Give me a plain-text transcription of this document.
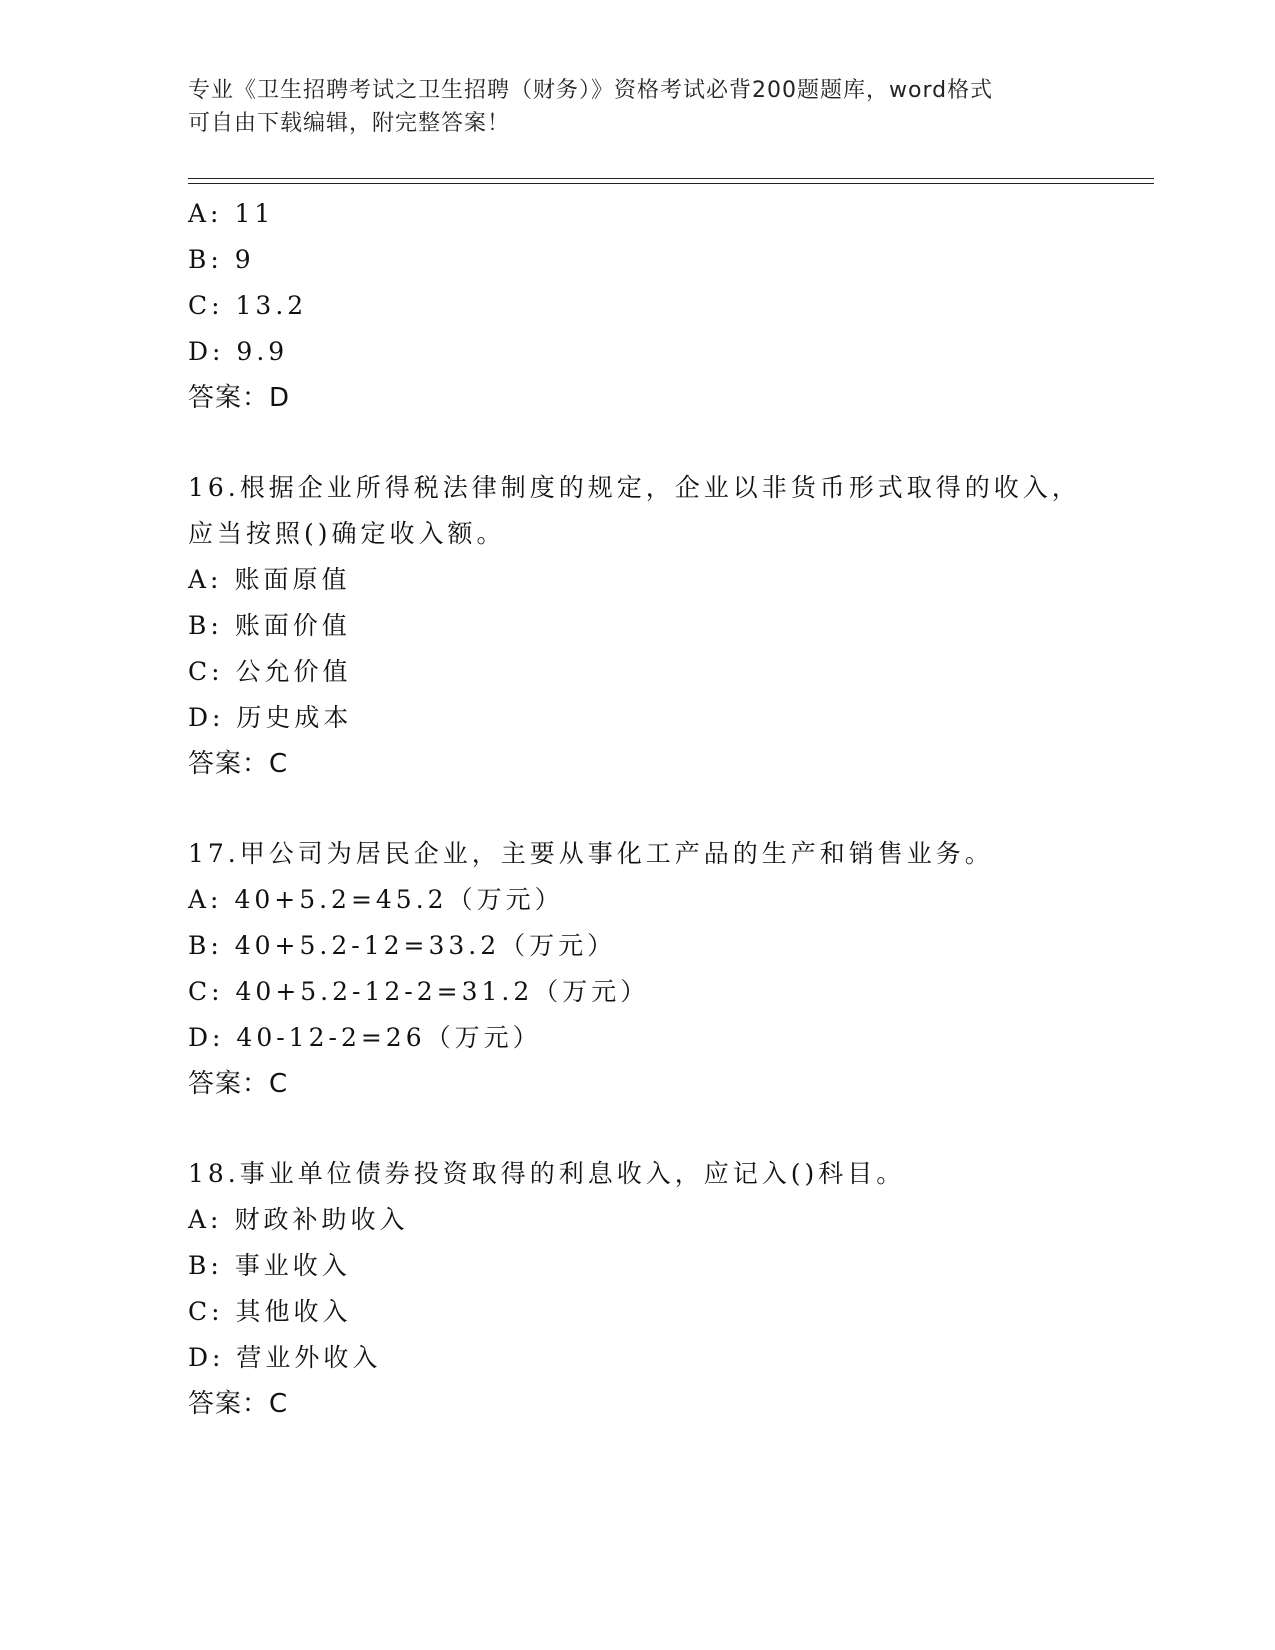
专业《卫生招聘考试之卫生招聘（财务）》资格考试必背200题题库，word格式
可自由下载编辑，附完整答案！
A: 11
B: 9
C: 13.2
D: 9.9
答案：D
16.根据企业所得税法律制度的规定，企业以非货币形式取得的收入，
应当按照()确定收入额。
A: 账面原值
B: 账面价值
C: 公允价值
D: 历史成本
答案：C
17.甲公司为居民企业，主要从事化工产品的生产和销售业务。
A: 40+5.2=45.2（万元）
B: 40+5.2-12=33.2（万元）
C: 40+5.2-12-2=31.2（万元）
D: 40-12-2=26（万元）
答案：C
18.事业单位债券投资取得的利息收入，应记入()科目。
A: 财政补助收入
B: 事业收入
C: 其他收入
D: 营业外收入
答案：C
